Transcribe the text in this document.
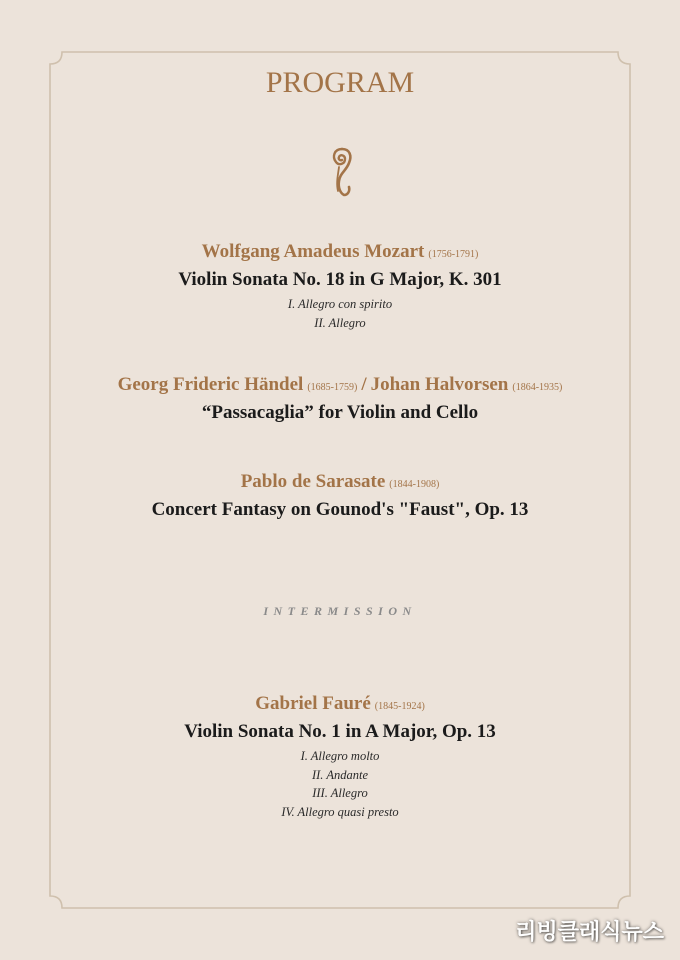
PROGRAM
Wolfgang Amadeus Mozart (1756-1791)
Violin Sonata No. 18 in G Major, K. 301
I. Allegro con spirito
II. Allegro
Georg Frideric Händel (1685-1759) / Johan Halvorsen (1864-1935)
“Passacaglia” for Violin and Cello
Pablo de Sarasate (1844-1908)
Concert Fantasy on Gounod's "Faust", Op. 13
INTERMISSION
Gabriel Fauré (1845-1924)
Violin Sonata No. 1 in A Major, Op. 13
I. Allegro molto
II. Andante
III. Allegro
IV. Allegro quasi presto
리빙클래식뉴스
